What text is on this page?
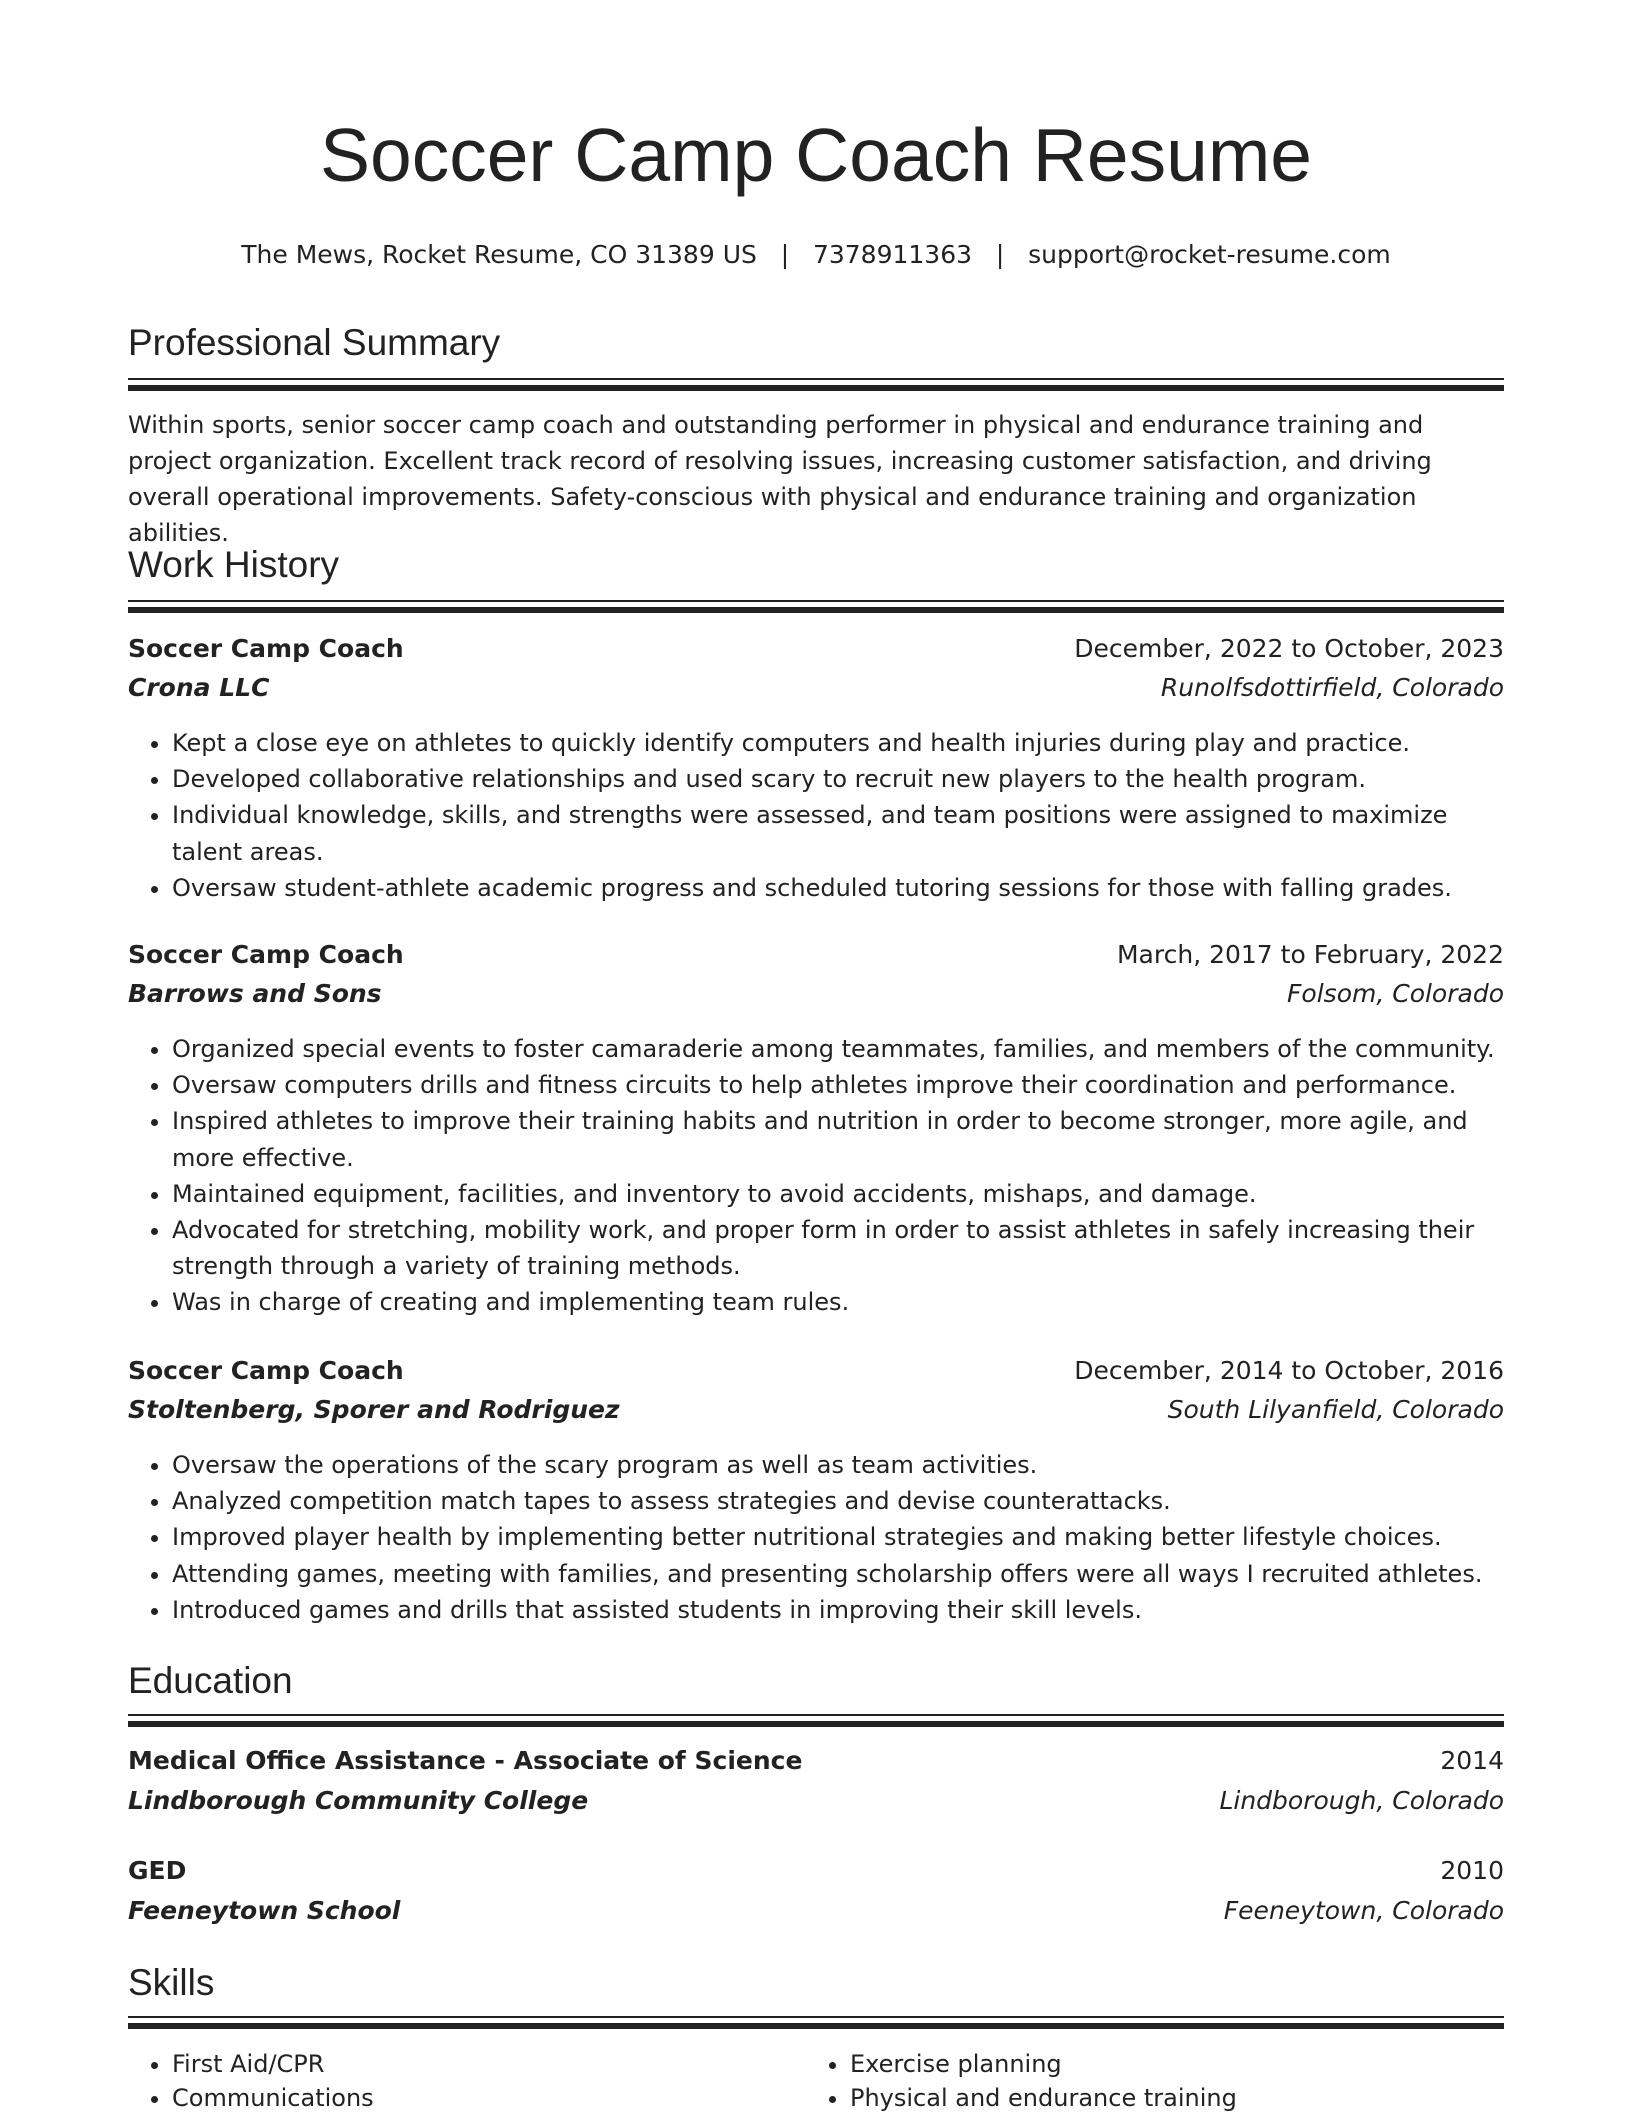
Soccer Camp Coach Resume
The Mews, Rocket Resume, CO 31389 US   |   7378911363   |   support@rocket-resume.com
Professional Summary
Within sports, senior soccer camp coach and outstanding performer in physical and endurance training and project organization. Excellent track record of resolving issues, increasing customer satisfaction, and driving overall operational improvements. Safety-conscious with physical and endurance training and organization abilities.
Work History
Soccer Camp Coach	December, 2022 to October, 2023
Crona LLC	Runolfsdottirfield, Colorado
• Kept a close eye on athletes to quickly identify computers and health injuries during play and practice.
• Developed collaborative relationships and used scary to recruit new players to the health program.
• Individual knowledge, skills, and strengths were assessed, and team positions were assigned to maximize talent areas.
• Oversaw student-athlete academic progress and scheduled tutoring sessions for those with falling grades.
Soccer Camp Coach	March, 2017 to February, 2022
Barrows and Sons	Folsom, Colorado
• Organized special events to foster camaraderie among teammates, families, and members of the community.
• Oversaw computers drills and fitness circuits to help athletes improve their coordination and performance.
• Inspired athletes to improve their training habits and nutrition in order to become stronger, more agile, and more effective.
• Maintained equipment, facilities, and inventory to avoid accidents, mishaps, and damage.
• Advocated for stretching, mobility work, and proper form in order to assist athletes in safely increasing their strength through a variety of training methods.
• Was in charge of creating and implementing team rules.
Soccer Camp Coach	December, 2014 to October, 2016
Stoltenberg, Sporer and Rodriguez	South Lilyanfield, Colorado
• Oversaw the operations of the scary program as well as team activities.
• Analyzed competition match tapes to assess strategies and devise counterattacks.
• Improved player health by implementing better nutritional strategies and making better lifestyle choices.
• Attending games, meeting with families, and presenting scholarship offers were all ways I recruited athletes.
• Introduced games and drills that assisted students in improving their skill levels.
Education
Medical Office Assistance - Associate of Science	2014
Lindborough Community College	Lindborough, Colorado
GED	2010
Feeneytown School	Feeneytown, Colorado
Skills
• First Aid/CPR
• Communications
• Exercise planning
• Physical and endurance training
